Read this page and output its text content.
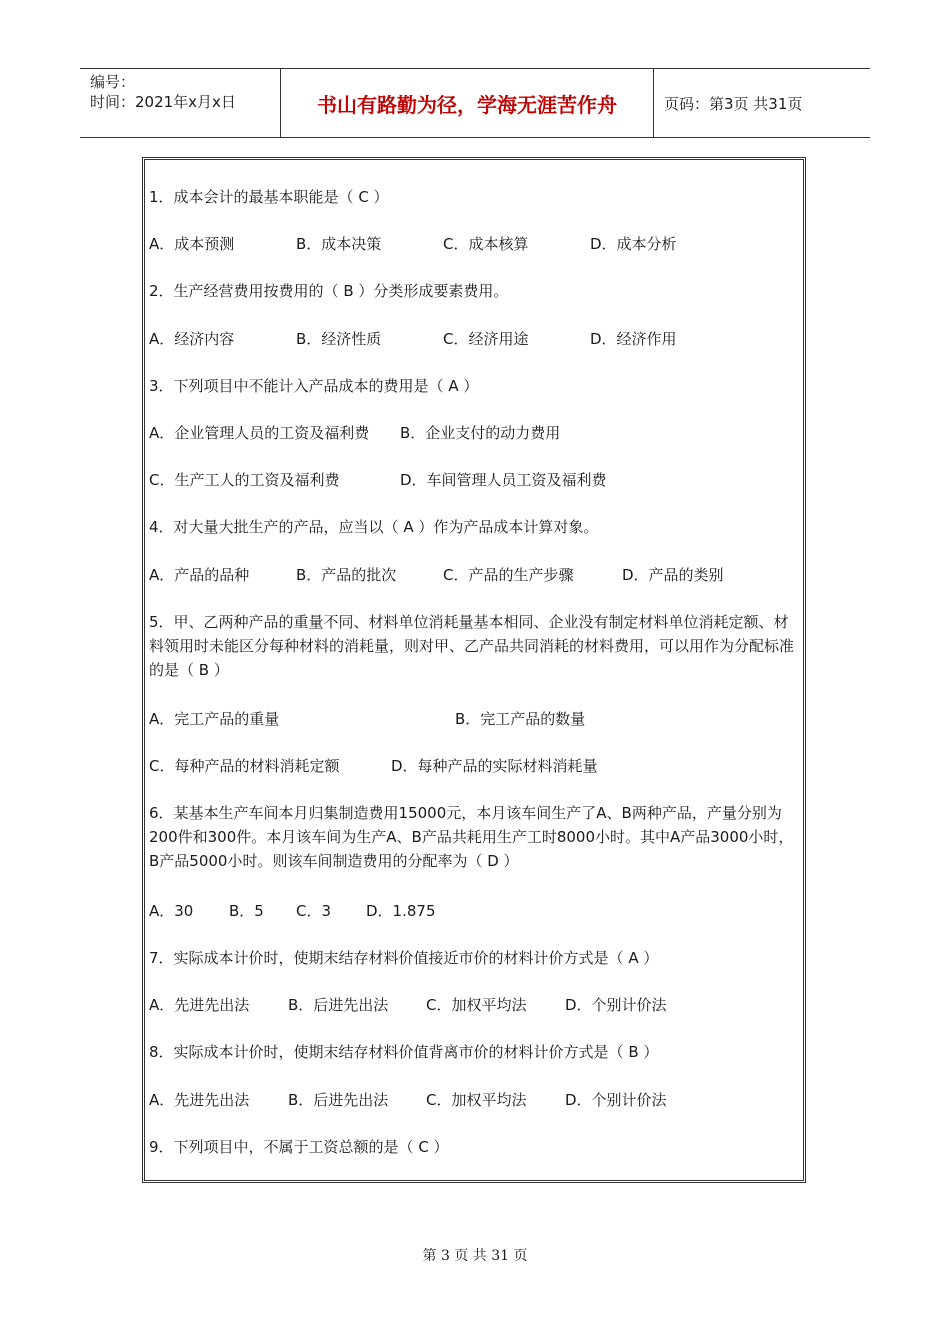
编号：
时间：2021年x月x日	书山有路勤为径，学海无涯苦作舟	页码：第3页 共31页
1．成本会计的最基本职能是（ C ）
A．成本预测	B．成本决策	C．成本核算	D．成本分析
2．生产经营费用按费用的（ B ）分类形成要素费用。
A．经济内容	B．经济性质	C．经济用途	D．经济作用
3．下列项目中不能计入产品成本的费用是（ A ）
A．企业管理人员的工资及福利费 B．企业支付的动力费用
C．生产工人的工资及福利费	D．车间管理人员工资及福利费
4．对大量大批生产的产品，应当以（ A ）作为产品成本计算对象。
A．产品的品种	B．产品的批次	C．产品的生产步骤	D．产品的类别
5．甲、乙两种产品的重量不同、材料单位消耗量基本相同、企业没有制定材料单位消耗定额、材料领用时未能区分每种材料的消耗量，则对甲、乙产品共同消耗的材料费用，可以用作为分配标准的是（ B ）
A．完工产品的重量	B．完工产品的数量
C．每种产品的材料消耗定额	D．每种产品的实际材料消耗量
6．某基本生产车间本月归集制造费用15000元，本月该车间生产了A、B两种产品，产量分别为200件和300件。本月该车间为生产A、B产品共耗用生产工时8000小时。其中A产品3000小时，B产品5000小时。则该车间制造费用的分配率为（ D ）
A．30 B．5 C．3 D．1.875
7．实际成本计价时，使期末结存材料价值接近市价的材料计价方式是（ A ）
A．先进先出法	B．后进先出法	C．加权平均法	D．个别计价法
8．实际成本计价时，使期末结存材料价值背离市价的材料计价方式是（ B ）
A．先进先出法	B．后进先出法	C．加权平均法	D．个别计价法
9．下列项目中，不属于工资总额的是（ C ）
第 3 页 共 31 页
